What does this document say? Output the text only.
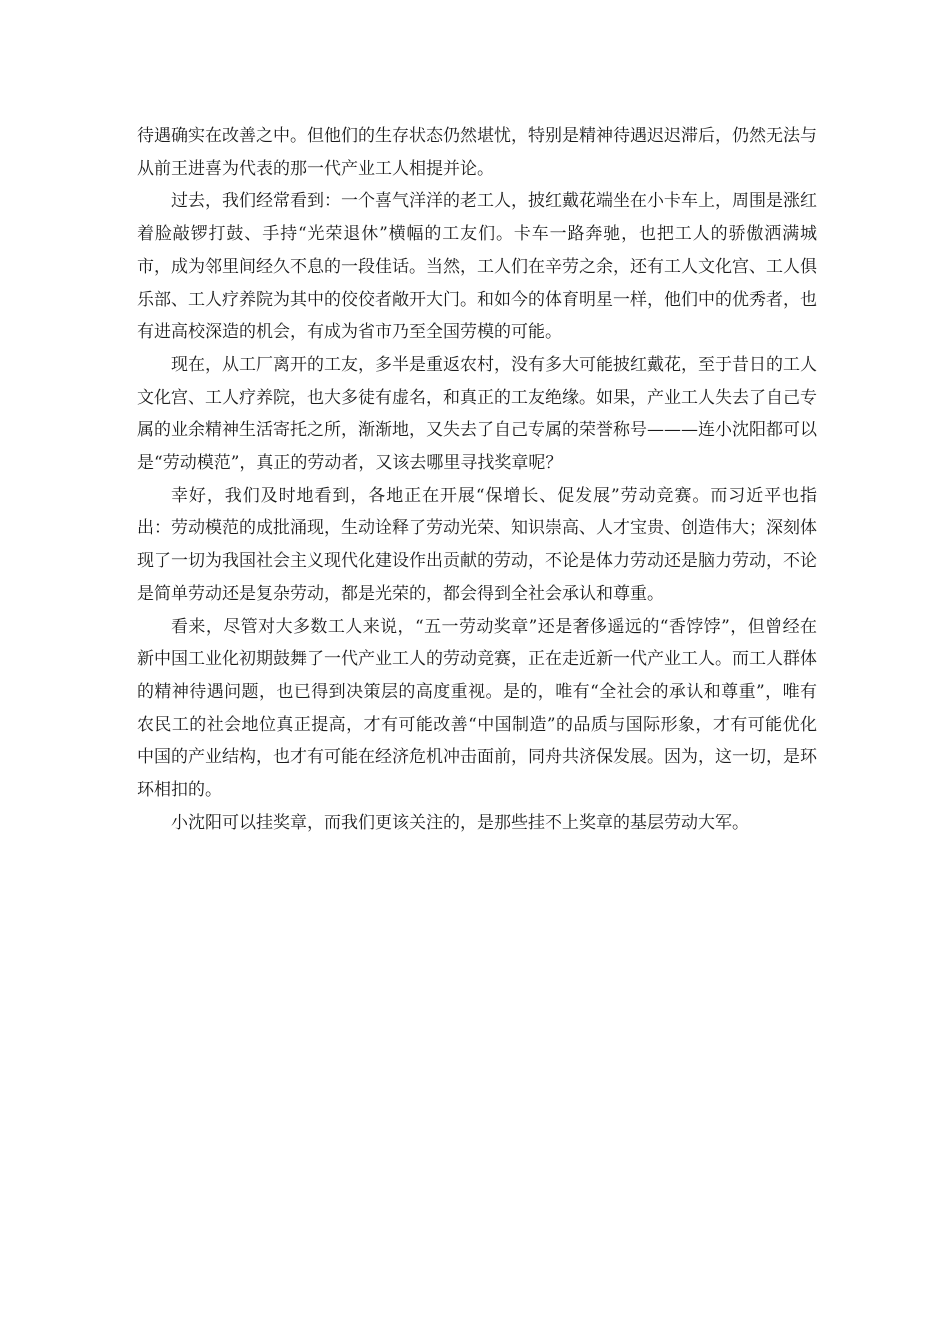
待遇确实在改善之中。但他们的生存状态仍然堪忧，特别是精神待遇迟迟滞后，仍然无法与从前王进喜为代表的那一代产业工人相提并论。

过去，我们经常看到：一个喜气洋洋的老工人，披红戴花端坐在小卡车上，周围是涨红着脸敲锣打鼓、手持“光荣退休”横幅的工友们。卡车一路奔驰，也把工人的骄傲洒满城市，成为邻里间经久不息的一段佳话。当然，工人们在辛劳之余，还有工人文化宫、工人俱乐部、工人疗养院为其中的佼佼者敞开大门。和如今的体育明星一样，他们中的优秀者，也有进高校深造的机会，有成为省市乃至全国劳模的可能。

现在，从工厂离开的工友，多半是重返农村，没有多大可能披红戴花，至于昔日的工人文化宫、工人疗养院，也大多徒有虚名，和真正的工友绝缘。如果，产业工人失去了自己专属的业余精神生活寄托之所，渐渐地，又失去了自己专属的荣誉称号———连小沈阳都可以是“劳动模范”，真正的劳动者，又该去哪里寻找奖章呢？

幸好，我们及时地看到，各地正在开展“保增长、促发展”劳动竞赛。而习近平也指出：劳动模范的成批涌现，生动诠释了劳动光荣、知识崇高、人才宝贵、创造伟大；深刻体现了一切为我国社会主义现代化建设作出贡献的劳动，不论是体力劳动还是脑力劳动，不论是简单劳动还是复杂劳动，都是光荣的，都会得到全社会承认和尊重。

看来，尽管对大多数工人来说，“五一劳动奖章”还是奢侈遥远的“香饽饽”，但曾经在新中国工业化初期鼓舞了一代产业工人的劳动竞赛，正在走近新一代产业工人。而工人群体的精神待遇问题，也已得到决策层的高度重视。是的，唯有“全社会的承认和尊重”，唯有农民工的社会地位真正提高，才有可能改善“中国制造”的品质与国际形象，才有可能优化中国的产业结构，也才有可能在经济危机冲击面前，同舟共济保发展。因为，这一切，是环环相扣的。

小沈阳可以挂奖章，而我们更该关注的，是那些挂不上奖章的基层劳动大军。
